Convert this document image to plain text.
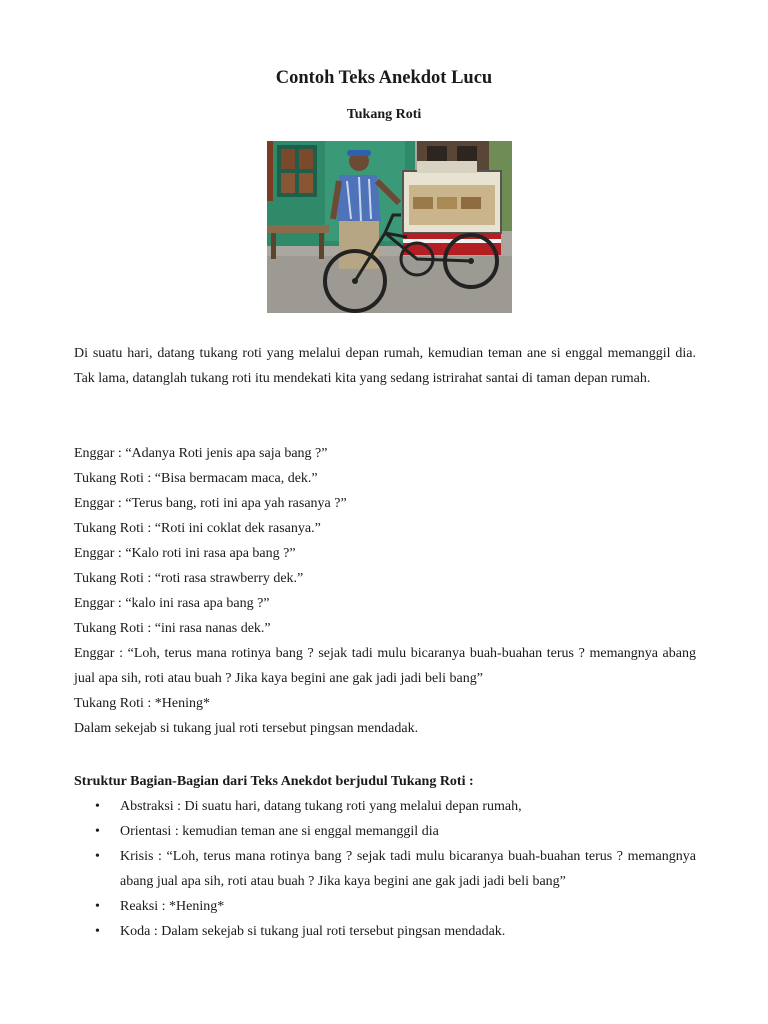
Contoh Teks Anekdot Lucu
Tukang Roti

Di suatu hari, datang tukang roti yang melalui depan rumah, kemudian teman ane si enggal memanggil dia. Tak lama, datanglah tukang roti itu mendekati kita yang sedang istrirahat santai di taman depan rumah.

Enggar : “Adanya Roti jenis apa saja bang ?”

Tukang Roti : “Bisa bermacam maca, dek.”

Enggar : “Terus bang, roti ini apa yah rasanya ?”

Tukang Roti : “Roti ini coklat dek rasanya.”

Enggar : “Kalo roti ini rasa apa bang ?”

Tukang Roti : “roti rasa strawberry dek.”

Enggar : “kalo ini rasa apa bang ?”

Tukang Roti : “ini rasa nanas dek.”

Enggar : “Loh, terus mana rotinya bang ? sejak tadi mulu bicaranya buah-buahan terus ? memangnya abang jual apa sih, roti atau buah ? Jika kaya begini ane gak jadi jadi beli bang”

Tukang Roti : *Hening*

Dalam sekejab si tukang jual roti tersebut pingsan mendadak.

Struktur Bagian-Bagian dari Teks Anekdot berjudul Tukang Roti :

• Abstraksi : Di suatu hari, datang tukang roti yang melalui depan rumah,
• Orientasi : kemudian teman ane si enggal memanggil dia
• Krisis : “Loh, terus mana rotinya bang ? sejak tadi mulu bicaranya buah-buahan terus ? memangnya abang jual apa sih, roti atau buah ? Jika kaya begini ane gak jadi jadi beli bang”
• Reaksi : *Hening*
• Koda : Dalam sekejab si tukang jual roti tersebut pingsan mendadak.
